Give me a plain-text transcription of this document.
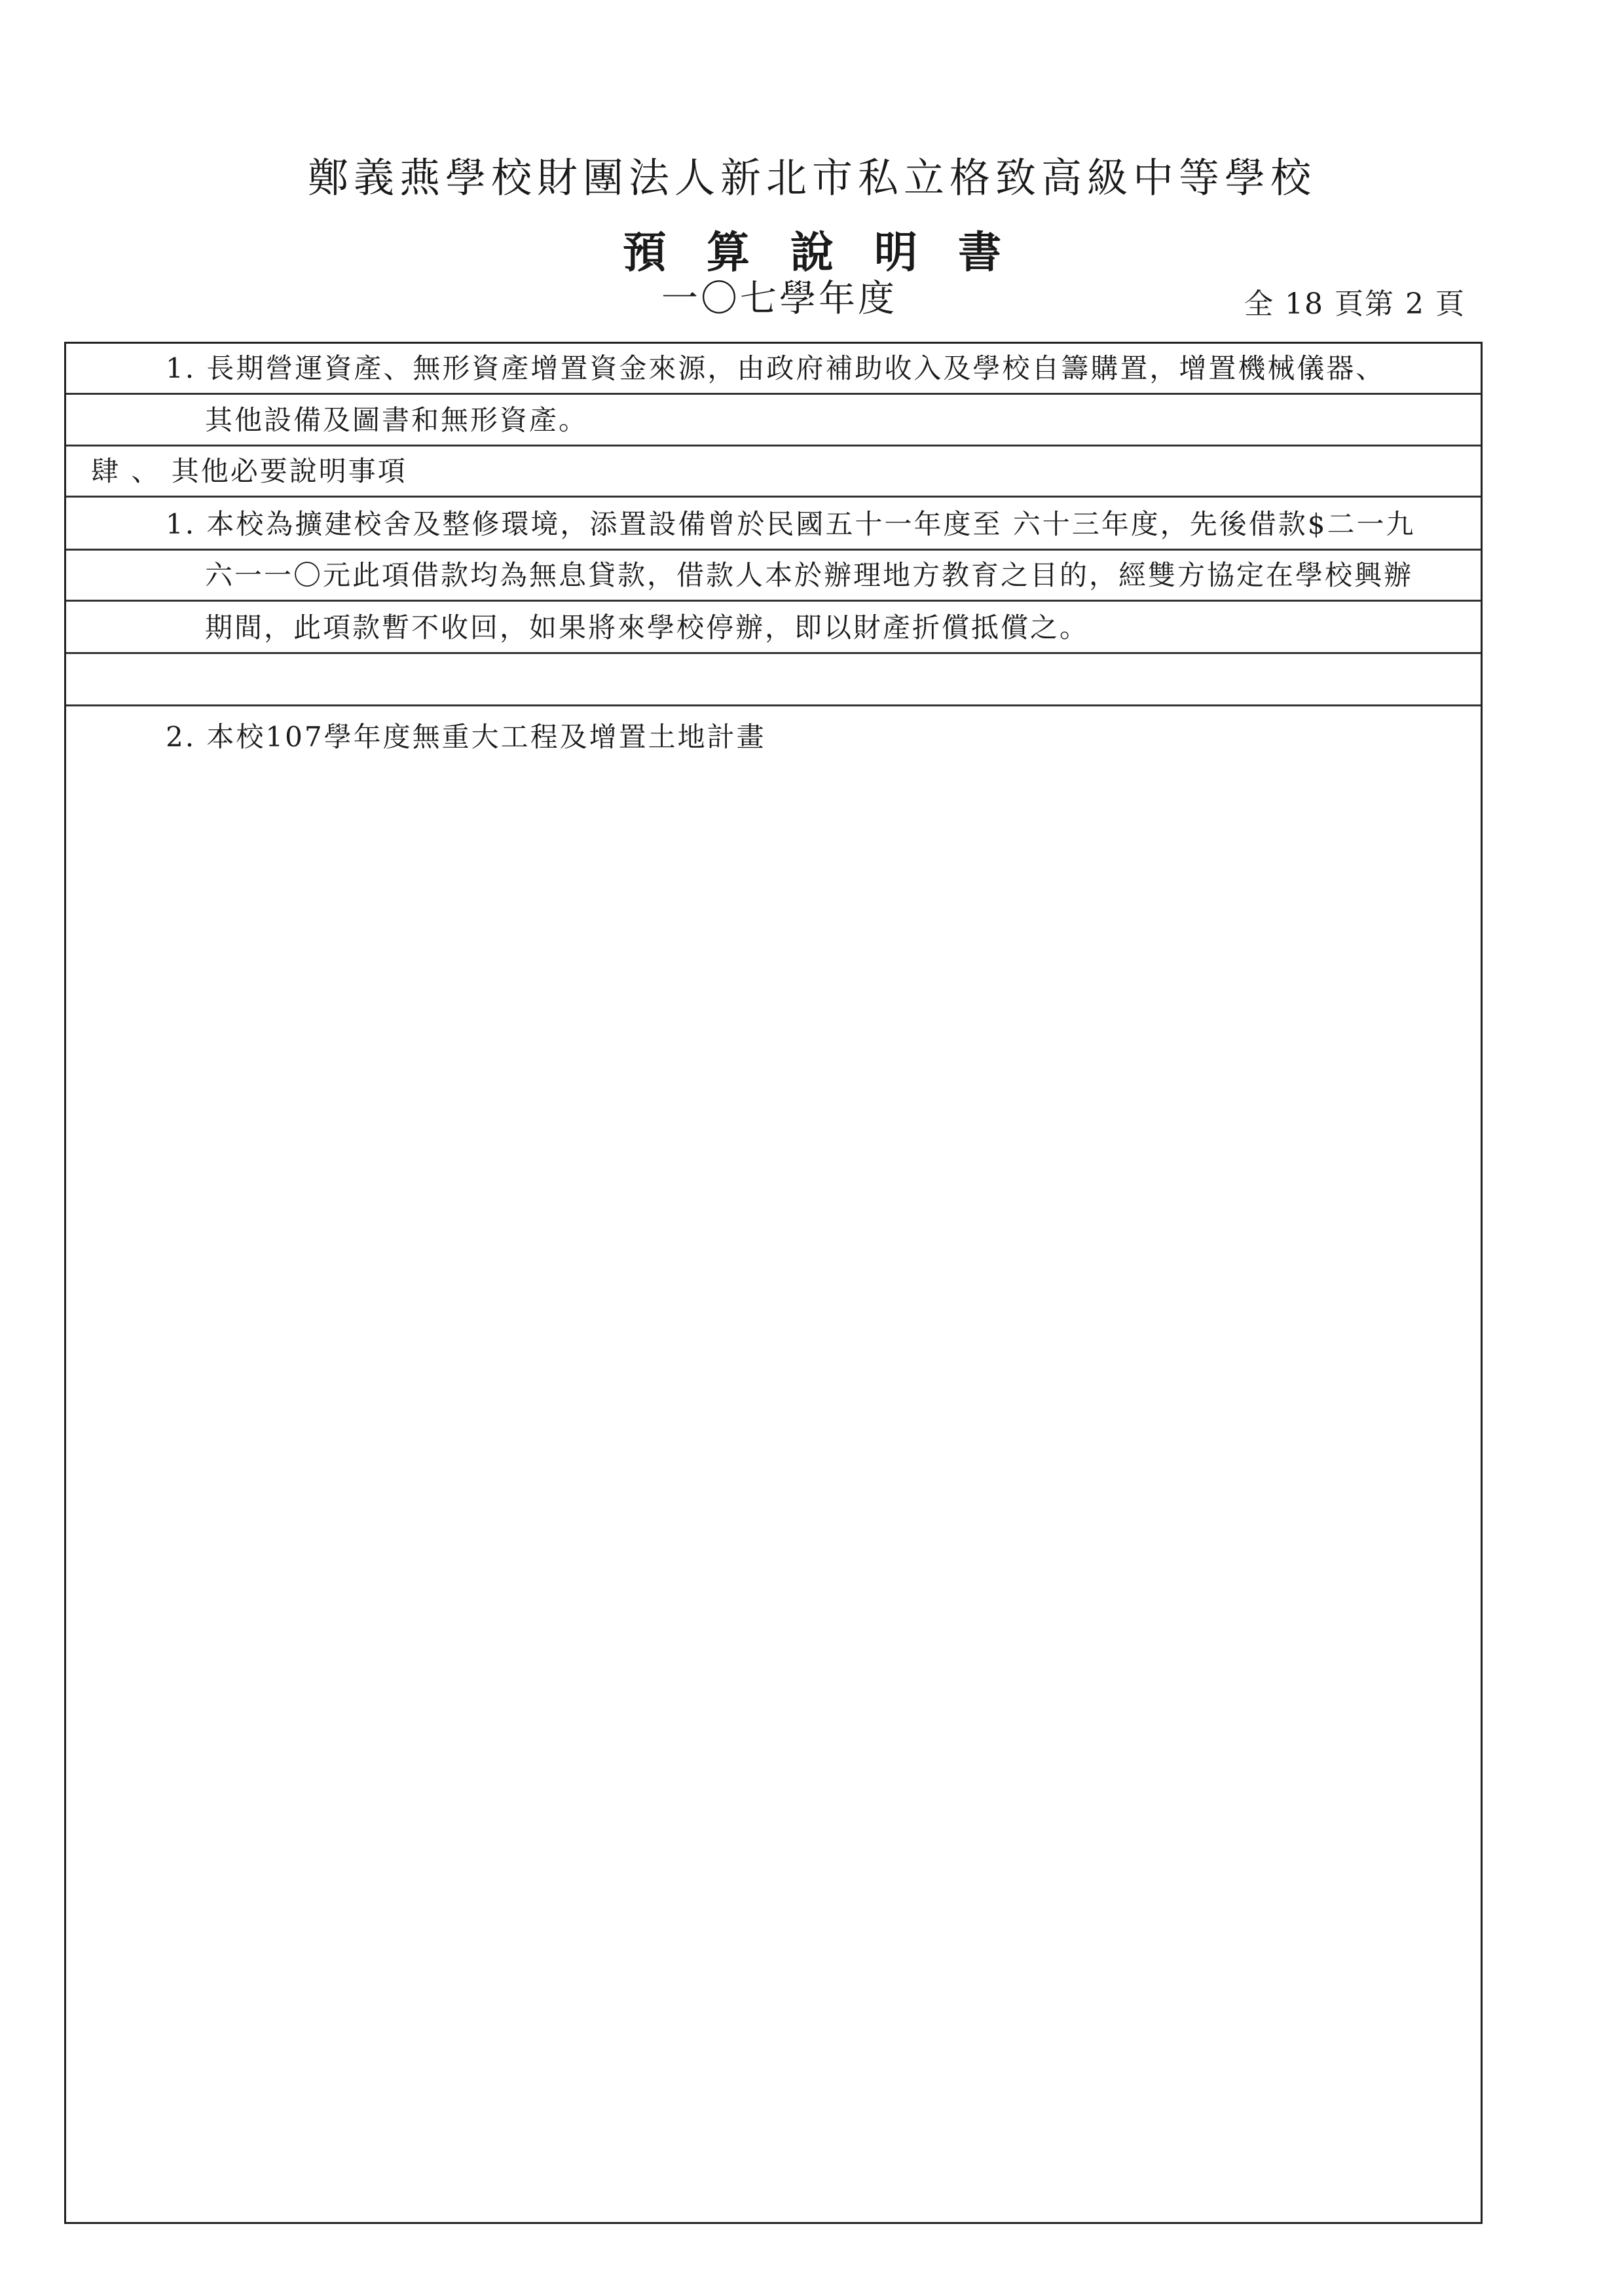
鄭義燕學校財團法人新北市私立格致高級中等學校
預算說明書
一〇七學年度	全 18 頁第 2 頁
1. 長期營運資產、無形資產增置資金來源，由政府補助收入及學校自籌購置，增置機械儀器、
其他設備及圖書和無形資產。
肆 、 其他必要說明事項
1. 本校為擴建校舍及整修環境，添置設備曾於民國五十一年度至 六十三年度，先後借款$二一九
六一一〇元此項借款均為無息貸款，借款人本於辦理地方教育之目的，經雙方協定在學校興辦
期間，此項款暫不收回，如果將來學校停辦，即以財產折償抵償之。
2. 本校107學年度無重大工程及增置土地計畫
